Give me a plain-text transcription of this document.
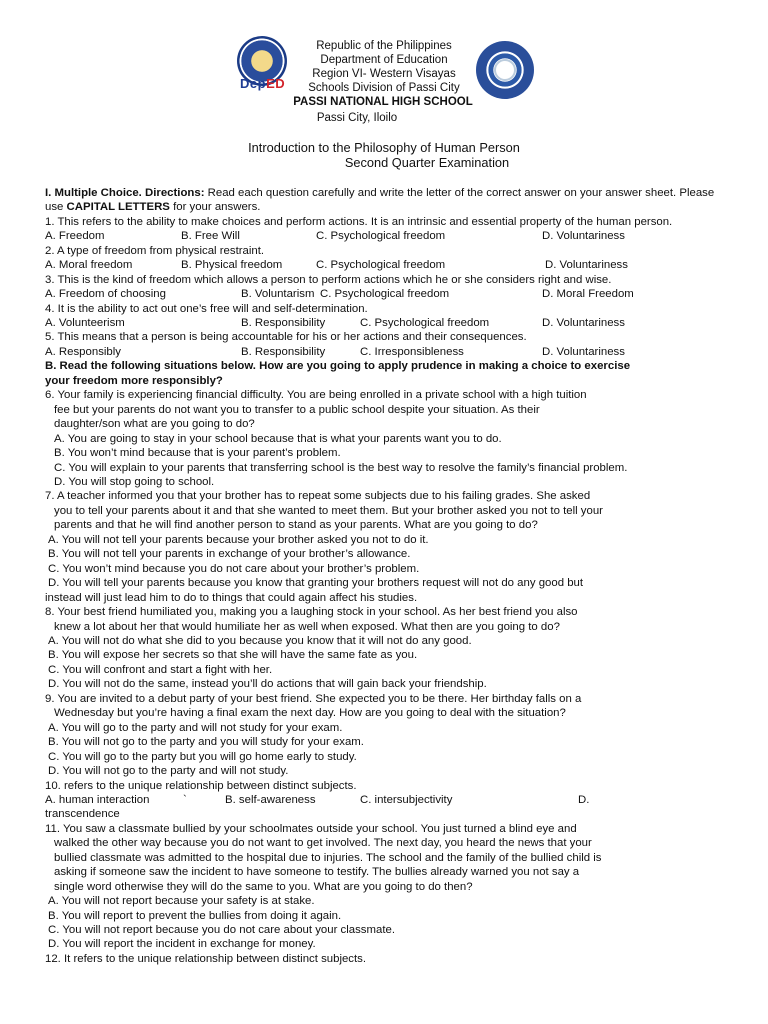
DepED
Republic of the Philippines
Department of Education
Region VI- Western Visayas
Schools Division of Passi City
PASSI NATIONAL HIGH SCHOOL
Passi City, Iloilo
Introduction to the Philosophy of Human Person
Second Quarter Examination
I. Multiple Choice. Directions: Read each question carefully and write the letter of the correct answer on your answer sheet. Please use CAPITAL LETTERS for your answers.
1. This refers to the ability to make choices and perform actions. It is an intrinsic and essential property of the human person.
A. Freedom	B. Free Will	C. Psychological freedom	D. Voluntariness
2. A type of freedom from physical restraint.
A. Moral freedom	B. Physical freedom	C. Psychological freedom	D. Voluntariness
3. This is the kind of freedom which allows a person to perform actions which he or she considers right and wise.
A. Freedom of choosing	B. Voluntarism C. Psychological freedom	D. Moral Freedom
4. It is the ability to act out one’s free will and self-determination.
A. Volunteerism	B. Responsibility	C. Psychological freedom	D. Voluntariness
5. This means that a person is being accountable for his or her actions and their consequences.
A. Responsibly	B. Responsibility	C. Irresponsibleness	D. Voluntariness
B. Read the following situations below. How are you going to apply prudence in making a choice to exercise
your freedom more responsibly?
6. Your family is experiencing financial difficulty. You are being enrolled in a private school with a high tuition
fee but your parents do not want you to transfer to a public school despite your situation. As their
daughter/son what are you going to do?
A. You are going to stay in your school because that is what your parents want you to do.
B. You won’t mind because that is your parent’s problem.
C. You will explain to your parents that transferring school is the best way to resolve the family’s financial problem.
D. You will stop going to school.
7. A teacher informed you that your brother has to repeat some subjects due to his failing grades. She asked
you to tell your parents about it and that she wanted to meet them. But your brother asked you not to tell your
parents and that he will find another person to stand as your parents. What are you going to do?
A. You will not tell your parents because your brother asked you not to do it.
B. You will not tell your parents in exchange of your brother’s allowance.
C. You won’t mind because you do not care about your brother’s problem.
D. You will tell your parents because you know that granting your brothers request will not do any good but
instead will just lead him to do to things that could again affect his studies.
8. Your best friend humiliated you, making you a laughing stock in your school. As her best friend you also
knew a lot about her that would humiliate her as well when exposed. What then are you going to do?
A. You will not do what she did to you because you know that it will not do any good.
B. You will expose her secrets so that she will have the same fate as you.
C. You will confront and start a fight with her.
D. You will not do the same, instead you’ll do actions that will gain back your friendship.
9. You are invited to a debut party of your best friend. She expected you to be there. Her birthday falls on a
Wednesday but you’re having a final exam the next day. How are you going to deal with the situation?
A. You will go to the party and will not study for your exam.
B. You will not go to the party and you will study for your exam.
C. You will go to the party but you will go home early to study.
D. You will not go to the party and will not study.
10. refers to the unique relationship between distinct subjects.
A. human interaction	`	B. self-awareness	C. intersubjectivity	D.
transcendence
11. You saw a classmate bullied by your schoolmates outside your school. You just turned a blind eye and
walked the other way because you do not want to get involved. The next day, you heard the news that your
bullied classmate was admitted to the hospital due to injuries. The school and the family of the bullied child is
asking if someone saw the incident to have someone to testify. The bullies already warned you not say a
single word otherwise they will do the same to you. What are you going to do then?
A. You will not report because your safety is at stake.
B. You will report to prevent the bullies from doing it again.
C. You will not report because you do not care about your classmate.
D. You will report the incident in exchange for money.
12. It refers to the unique relationship between distinct subjects.
